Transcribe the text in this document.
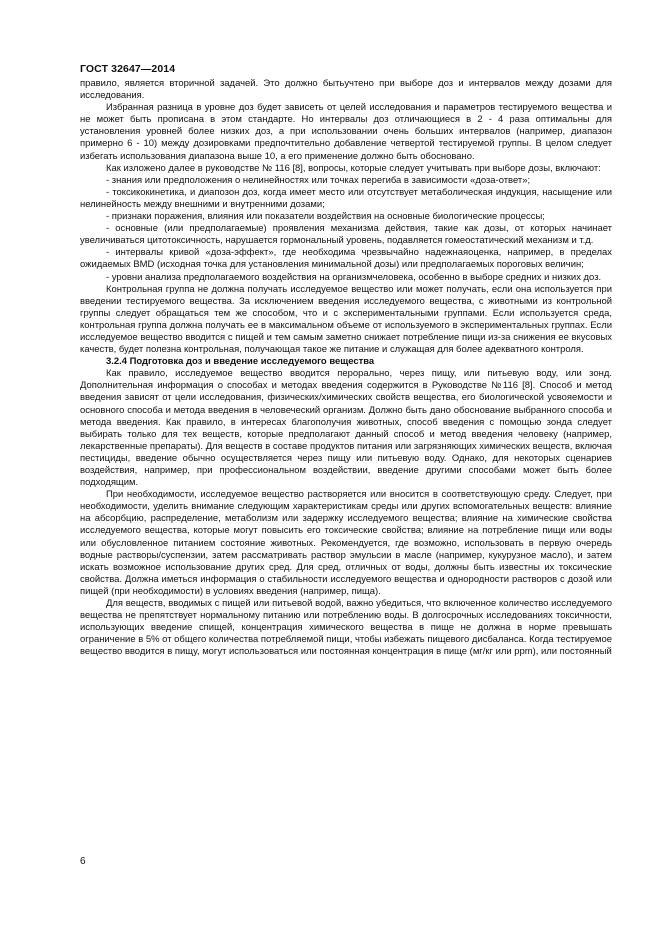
ГОСТ 32647—2014

правило, является вторичной задачей. Это должно бытьучтено при выборе доз и интервалов между дозами для исследования.

Избранная разница в уровне доз будет зависеть от целей исследования и параметров тестируемого вещества и не может быть прописана в этом стандарте. Но интервалы доз отличающиеся в 2 - 4 раза оптимальны для установления уровней более низких доз, а при использовании очень больших интервалов (например, диапазон примерно 6 - 10) между дозировками предпочтительно добавление четвертой тестируемой группы. В целом следует избегать использования диапазона выше 10, а его применение должно быть обосновано.

Как изложено далее в руководстве № 116 [8], вопросы, которые следует учитывать при выборе дозы, включают:

- знания или предположения о нелинейностях или точках перегиба в зависимости «доза-ответ»;

- токсикокинетика, и диапозон доз, когда имеет место или отсутствует метаболическая индукция, насыщение или нелинейность между внешними и внутренними дозами;

- признаки поражения, влияния или показатели воздействия на основные биологические процессы;

- основные (или предполагаемые) проявления механизма действия, такие как дозы, от которых начинает увеличиваться цитотоксичность, нарушается гормональный уровень, подавляется гомеостатический механизм и т.д.

- интервалы кривой «доза-эффект», где необходима чрезвычайно надежнаяоценка, например, в пределах ожидаемых BMD (исходная точка для установления минимальной дозы) или предполагаемых пороговых величин;

- уровни анализа предполагаемого воздействия на организмчеловека, особенно в выборе средних и низких доз.

Контрольная группа не должна получать исследуемое вещество или может получать, если она используется при введении тестируемого вещества. За исключением введения исследуемого вещества, с животными из контрольной группы следует обращаться тем же способом, что и с экспериментальными группами. Если используется среда, контрольная группа должна получать ее в максимальном объеме от используемого в экспериментальных группах. Если исследуемое вещество вводится с пищей и тем самым заметно снижает потребление пищи из-за снижения ее вкусовых качеств, будет полезна контрольная, получающая такое же питание и служащая для более адекватного контроля.

3.2.4 Подготовка доз и введение исследуемого вещества

Как правило, исследуемое вещество вводится перорально, через пищу, или питьевую воду, или зонд. Дополнительная информация о способах и методах введения содержится в Руководстве №116 [8]. Способ и метод введения зависят от цели исследования, физических/химических свойств вещества, его биологической усвояемости и основного способа и метода введения в человеческий организм. Должно быть дано обоснование выбранного способа и метода введения. Как правило, в интересах благополучия животных, способ введения с помощью зонда следует выбирать только для тех веществ, которые предполагают данный способ и метод введения человеку (например, лекарственные препараты). Для веществ в составе продуктов питания или загрязняющих химических веществ, включая пестициды, введение обычно осуществляется через пищу или питьевую воду. Однако, для некоторых сценариев воздействия, например, при профессиональном воздействии, введение другими способами может быть более подходящим.

При необходимости, исследуемое вещество растворяется или вносится в соответствующую среду. Следует, при необходимости, уделить внимание следующим характеристикам среды или других вспомогательных веществ: влияние на абсорбцию, распределение, метаболизм или задержку исследуемого вещества; влияние на химические свойства исследуемого вещества, которые могут повысить его токсические свойства; влияние на потребление пищи или воды или обусловленное питанием состояние животных. Рекомендуется, где возможно, использовать в первую очередь водные растворы/суспензии, затем рассматривать раствор эмульсии в масле (например, кукурузное масло), и затем искать возможное использование других сред. Для сред, отличных от воды, должны быть известны их токсические свойства. Должна иметься информация о стабильности исследуемого вещества и однородности растворов с дозой или пищей (при необходимости) в условиях введения (например, пища).

Для веществ, вводимых с пищей или питьевой водой, важно убедиться, что включенное количество исследуемого вещества не препятствует нормальному питанию или потреблению воды. В долгосрочных исследованиях токсичности, использующих введение спищей, концентрация химического вещества в пище не должна в норме превышать ограничение в 5% от общего количества потребляемой пищи, чтобы избежать пищевого дисбаланса. Когда тестируемое вещество вводится в пищу, могут использоваться или постоянная концентрация в пище (мг/кг или ppm), или постоянный

6
